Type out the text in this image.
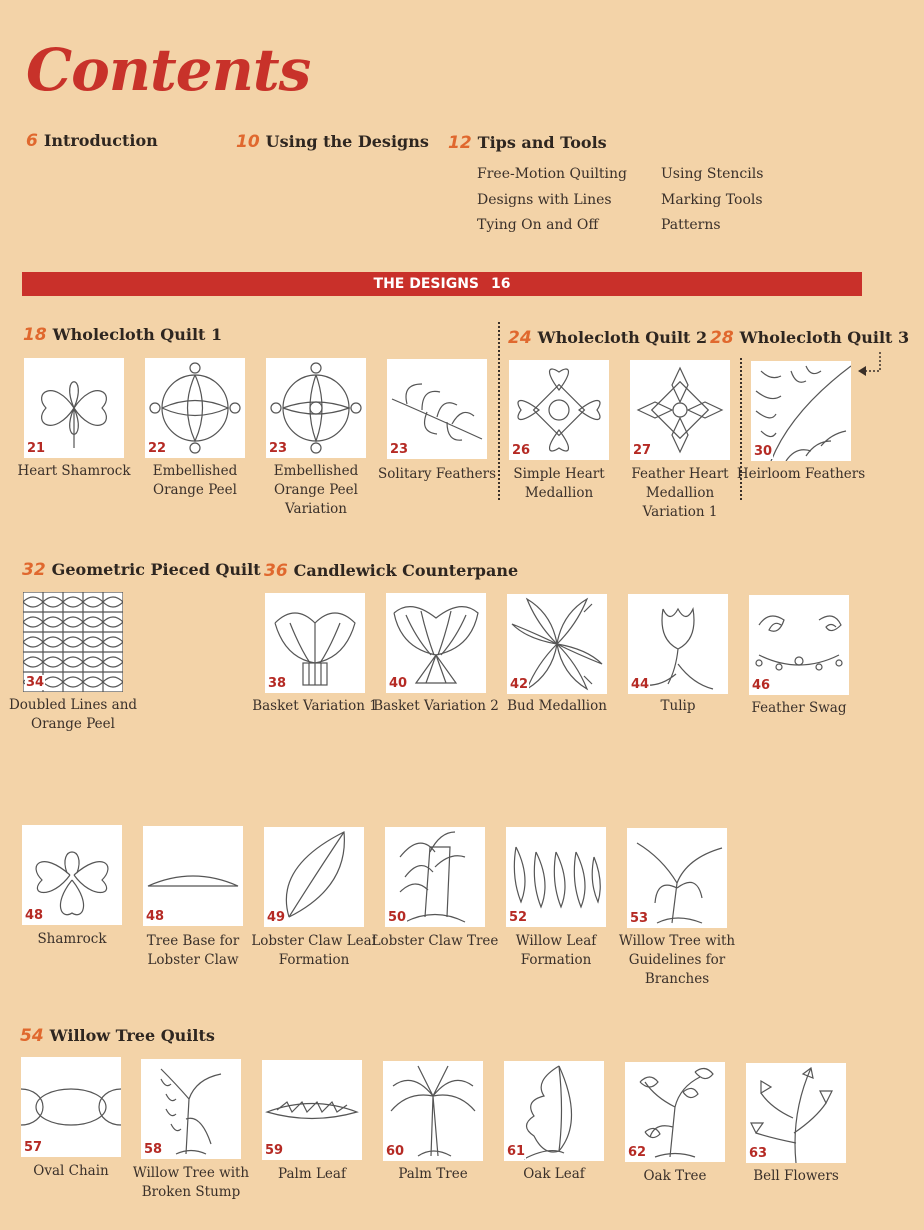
Contents
6 Introduction	10 Using the Designs 12 Tips and Tools
Free-Motion Quilting
Designs with Lines
Tying On and Off
Using Stencils
Marking Tools
Patterns
THE DESIGNS 16
18 Wholecloth Quilt 1	24 Wholecloth Quilt 2 28 Wholecloth Quilt 3
32 Geometric Pieced Quilt 36 Candlewick Counterpane
54 Willow Tree Quilts
21
Heart Shamrock
22
Embellished Orange Peel
23
Embellished Orange Peel Variation
23
Solitary Feathers
26
Simple Heart Medallion
27
Feather Heart Medallion Variation 1
30
Heirloom Feathers
34
Doubled Lines and Orange Peel
38
Basket Variation 1
40
Basket Variation 2
42
Bud Medallion
44
Tulip
46
Feather Swag
48
Shamrock
48
Tree Base for Lobster Claw
49
Lobster Claw Leaf Formation
50
Lobster Claw Tree
52
Willow Leaf Formation
53
Willow Tree with Guidelines for Branches
57
Oval Chain
58
Willow Tree with Broken Stump
59
Palm Leaf
60
Palm Tree
61
Oak Leaf
62
Oak Tree
63
Bell Flowers
